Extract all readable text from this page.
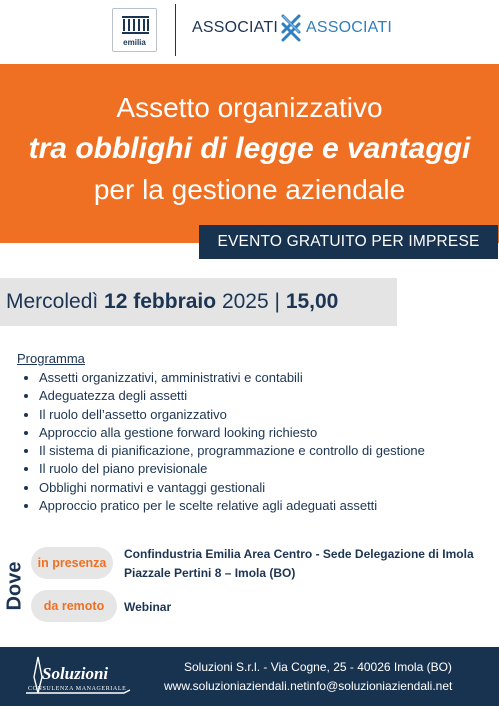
emilia
ASSOCIATI ASSOCIATI
Assetto organizzativo
tra obblighi di legge e vantaggi
per la gestione aziendale
EVENTO GRATUITO PER IMPRESE
Mercoledì 12 febbraio 2025 | 15,00
Programma
Assetti organizzativi, amministrativi e contabili
Adeguatezza degli assetti
Il ruolo dell’assetto organizzativo
Approccio alla gestione forward looking richiesto
Il sistema di pianificazione, programmazione e controllo di gestione
Il ruolo del piano previsionale
Obblighi normativi e vantaggi gestionali
Approccio pratico per le scelte relative agli adeguati assetti
Dove in presenza
Confindustria Emilia Area Centro - Sede Delegazione di Imola
Piazzale Pertini 8 – Imola (BO)
da remoto	Webinar
Soluzioni
CONSULENZA MANAGERIALE
Soluzioni S.r.l. - Via Cogne, 25 - 40026 Imola (BO)
www.soluzioniaziendali.netinfo@soluzioniaziendali.net
